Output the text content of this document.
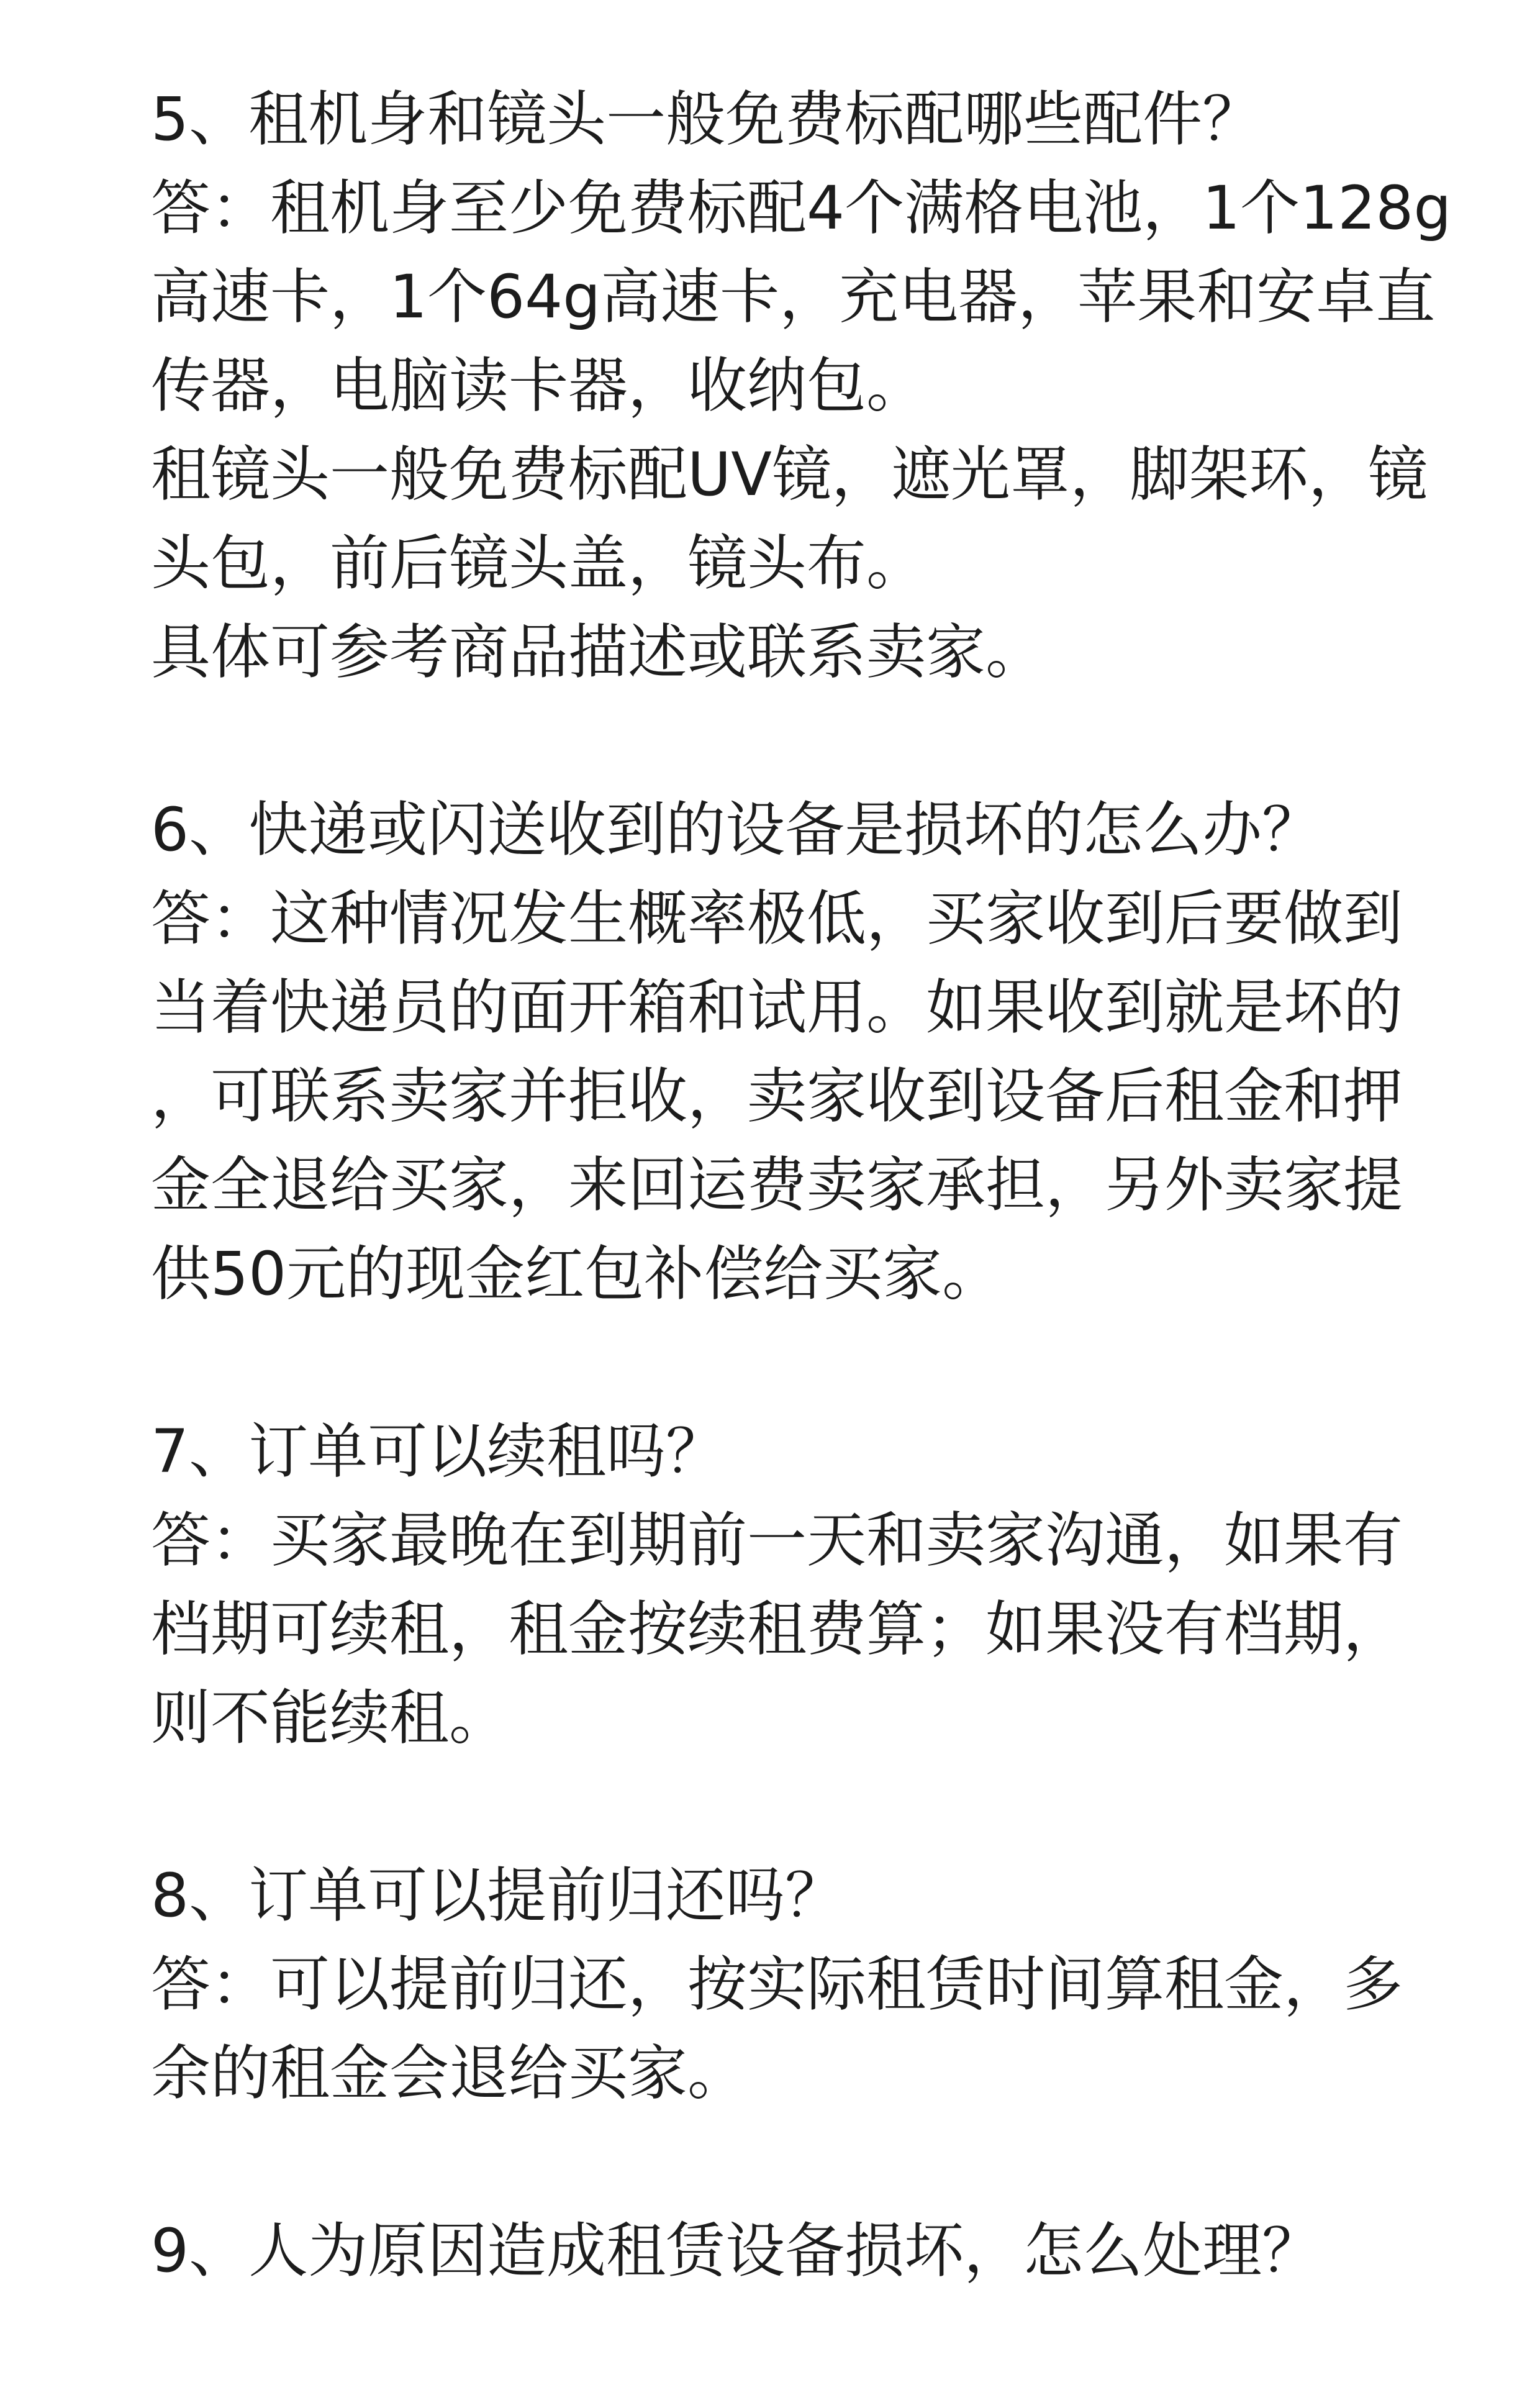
5、租机身和镜头一般免费标配哪些配件？
答：租机身至少免费标配4个满格电池，1个128g
高速卡，1个64g高速卡，充电器，苹果和安卓直
传器，电脑读卡器，收纳包。
租镜头一般免费标配UV镜，遮光罩，脚架环，镜
头包，前后镜头盖，镜头布。
具体可参考商品描述或联系卖家。
6、快递或闪送收到的设备是损坏的怎么办？
答：这种情况发生概率极低，买家收到后要做到
当着快递员的面开箱和试用。如果收到就是坏的
，可联系卖家并拒收，卖家收到设备后租金和押
金全退给买家，来回运费卖家承担，另外卖家提
供50元的现金红包补偿给买家。
7、订单可以续租吗？
答：买家最晚在到期前一天和卖家沟通，如果有
档期可续租，租金按续租费算；如果没有档期，
则不能续租。
8、订单可以提前归还吗？
答：可以提前归还，按实际租赁时间算租金，多
余的租金会退给买家。
9、人为原因造成租赁设备损坏，怎么处理？
